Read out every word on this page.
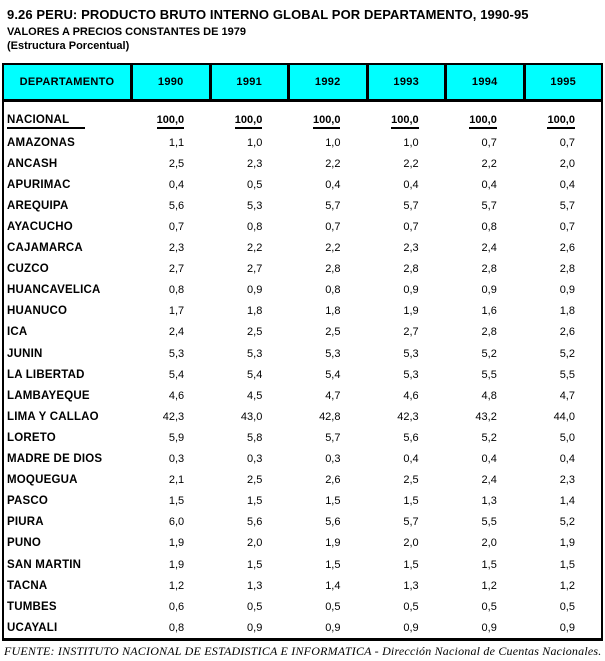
9.26 PERU: PRODUCTO BRUTO INTERNO GLOBAL POR DEPARTAMENTO, 1990-95
VALORES A PRECIOS CONSTANTES DE 1979
(Estructura Porcentual)
DEPARTAMENTO	1990	1991	1992	1993	1994	1995
NACIONAL	100,0	100,0	100,0	100,0	100,0	100,0
AMAZONAS	1,1	1,0	1,0	1,0	0,7	0,7
ANCASH	2,5	2,3	2,2	2,2	2,2	2,0
APURIMAC	0,4	0,5	0,4	0,4	0,4	0,4
AREQUIPA	5,6	5,3	5,7	5,7	5,7	5,7
AYACUCHO	0,7	0,8	0,7	0,7	0,8	0,7
CAJAMARCA	2,3	2,2	2,2	2,3	2,4	2,6
CUZCO	2,7	2,7	2,8	2,8	2,8	2,8
HUANCAVELICA	0,8	0,9	0,8	0,9	0,9	0,9
HUANUCO	1,7	1,8	1,8	1,9	1,6	1,8
ICA	2,4	2,5	2,5	2,7	2,8	2,6
JUNIN	5,3	5,3	5,3	5,3	5,2	5,2
LA LIBERTAD	5,4	5,4	5,4	5,3	5,5	5,5
LAMBAYEQUE	4,6	4,5	4,7	4,6	4,8	4,7
LIMA Y CALLAO	42,3	43,0	42,8	42,3	43,2	44,0
LORETO	5,9	5,8	5,7	5,6	5,2	5,0
MADRE DE DIOS	0,3	0,3	0,3	0,4	0,4	0,4
MOQUEGUA	2,1	2,5	2,6	2,5	2,4	2,3
PASCO	1,5	1,5	1,5	1,5	1,3	1,4
PIURA	6,0	5,6	5,6	5,7	5,5	5,2
PUNO	1,9	2,0	1,9	2,0	2,0	1,9
SAN MARTIN	1,9	1,5	1,5	1,5	1,5	1,5
TACNA	1,2	1,3	1,4	1,3	1,2	1,2
TUMBES	0,6	0,5	0,5	0,5	0,5	0,5
UCAYALI	0,8	0,9	0,9	0,9	0,9	0,9
FUENTE: INSTITUTO NACIONAL DE ESTADISTICA E INFORMATICA - Dirección Nacional de Cuentas Nacionales.
